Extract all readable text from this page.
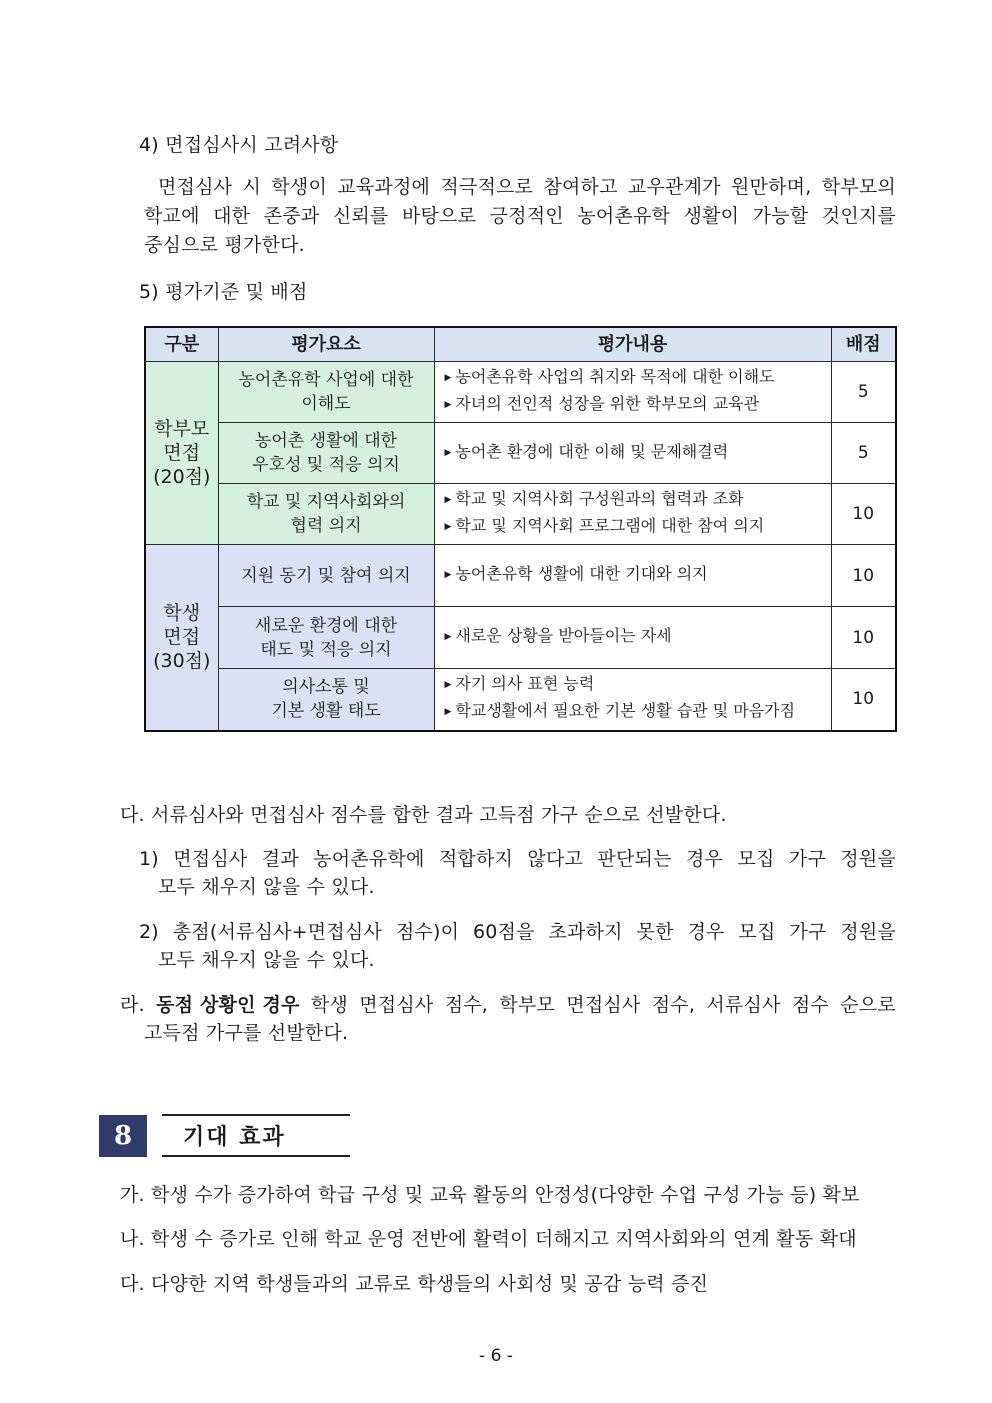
4) 면접심사시 고려사항
면접심사 시 학생이 교육과정에 적극적으로 참여하고 교우관계가 원만하며, 학부모의
학교에 대한 존중과 신뢰를 바탕으로 긍정적인 농어촌유학 생활이 가능할 것인지를
중심으로 평가한다.
5) 평가기준 및 배점
구분	평가요소	평가내용	배점

학부모
면접
(20점)	농어촌유학 사업에 대한
이해도	▶ 농어촌유학 사업의 취지와 목적에 대한 이해도
▶ 자녀의 전인적 성장을 위한 학부모의 교육관	5

	농어촌 생활에 대한
우호성 및 적응 의지	▶ 농어촌 환경에 대한 이해 및 문제해결력	5

	학교 및 지역사회와의
협력 의지	▶ 학교 및 지역사회 구성원과의 협력과 조화
▶ 학교 및 지역사회 프로그램에 대한 참여 의지	10

학생
면접
(30점)	지원 동기 및 참여 의지	▶ 농어촌유학 생활에 대한 기대와 의지	10

	새로운 환경에 대한
태도 및 적응 의지	▶ 새로운 상황을 받아들이는 자세	10

	의사소통 및
기본 생활 태도	▶ 자기 의사 표현 능력
▶ 학교생활에서 필요한 기본 생활 습관 및 마음가짐	10
다. 서류심사와 면접심사 점수를 합한 결과 고득점 가구 순으로 선발한다.
1) 면접심사 결과 농어촌유학에 적합하지 않다고 판단되는 경우 모집 가구 정원을
모두 채우지 않을 수 있다.
2) 총점(서류심사+면접심사 점수)이 60점을 초과하지 못한 경우 모집 가구 정원을
모두 채우지 않을 수 있다.
라. 동점 상황인 경우 학생 면접심사 점수, 학부모 면접심사 점수, 서류심사 점수 순으로
고득점 가구를 선발한다.
8	기대 효과
가. 학생 수가 증가하여 학급 구성 및 교육 활동의 안정성(다양한 수업 구성 가능 등) 확보
나. 학생 수 증가로 인해 학교 운영 전반에 활력이 더해지고 지역사회와의 연계 활동 확대
다. 다양한 지역 학생들과의 교류로 학생들의 사회성 및 공감 능력 증진
- 6 -
